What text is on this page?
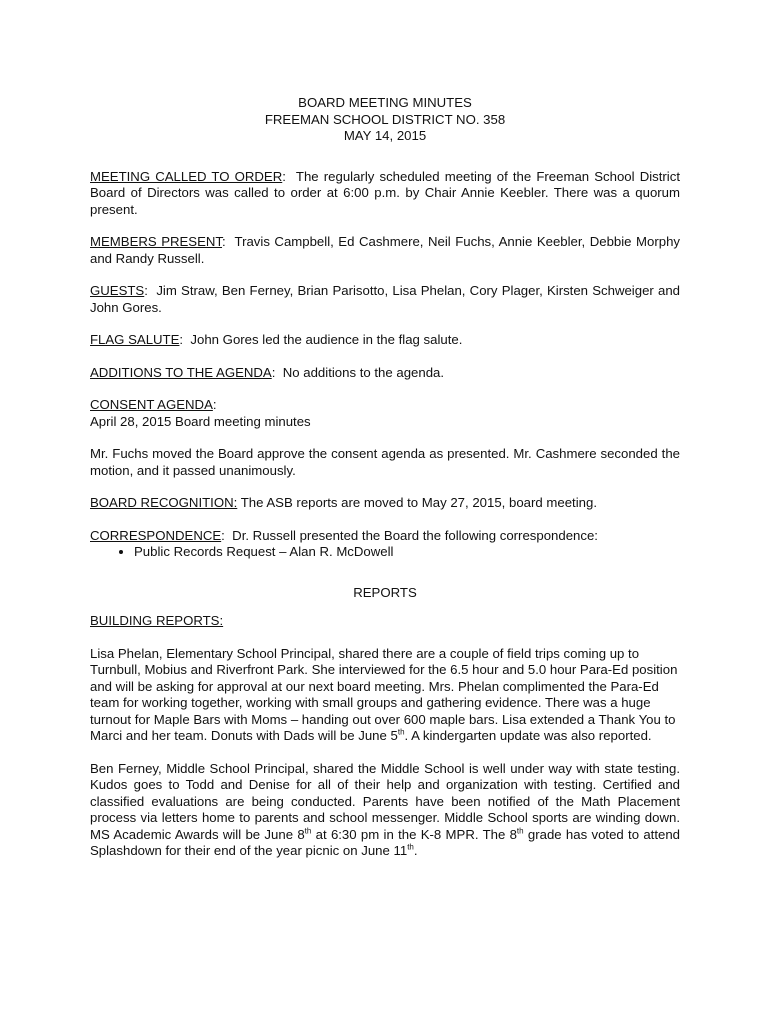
BOARD MEETING MINUTES
FREEMAN SCHOOL DISTRICT NO. 358
MAY 14, 2015

MEETING CALLED TO ORDER:  The regularly scheduled meeting of the Freeman School District Board of Directors was called to order at 6:00 p.m. by Chair Annie Keebler. There was a quorum present.

MEMBERS PRESENT:  Travis Campbell, Ed Cashmere, Neil Fuchs, Annie Keebler, Debbie Morphy and Randy Russell.

GUESTS:  Jim Straw, Ben Ferney, Brian Parisotto, Lisa Phelan, Cory Plager, Kirsten Schweiger and John Gores.

FLAG SALUTE:  John Gores led the audience in the flag salute.

ADDITIONS TO THE AGENDA:  No additions to the agenda.

CONSENT AGENDA:
April 28, 2015 Board meeting minutes

Mr. Fuchs moved the Board approve the consent agenda as presented. Mr. Cashmere seconded the motion, and it passed unanimously.

BOARD RECOGNITION: The ASB reports are moved to May 27, 2015, board meeting.

CORRESPONDENCE:  Dr. Russell presented the Board the following correspondence:
• Public Records Request – Alan R. McDowell
REPORTS

BUILDING REPORTS:

Lisa Phelan, Elementary School Principal, shared there are a couple of field trips coming up to Turnbull, Mobius and Riverfront Park. She interviewed for the 6.5 hour and 5.0 hour Para-Ed position and will be asking for approval at our next board meeting. Mrs. Phelan complimented the Para-Ed team for working together, working with small groups and gathering evidence. There was a huge turnout for Maple Bars with Moms – handing out over 600 maple bars. Lisa extended a Thank You to Marci and her team. Donuts with Dads will be June 5th. A kindergarten update was also reported.

Ben Ferney, Middle School Principal, shared the Middle School is well under way with state testing. Kudos goes to Todd and Denise for all of their help and organization with testing. Certified and classified evaluations are being conducted. Parents have been notified of the Math Placement process via letters home to parents and school messenger. Middle School sports are winding down. MS Academic Awards will be June 8th at 6:30 pm in the K-8 MPR. The 8th grade has voted to attend Splashdown for their end of the year picnic on June 11th.
